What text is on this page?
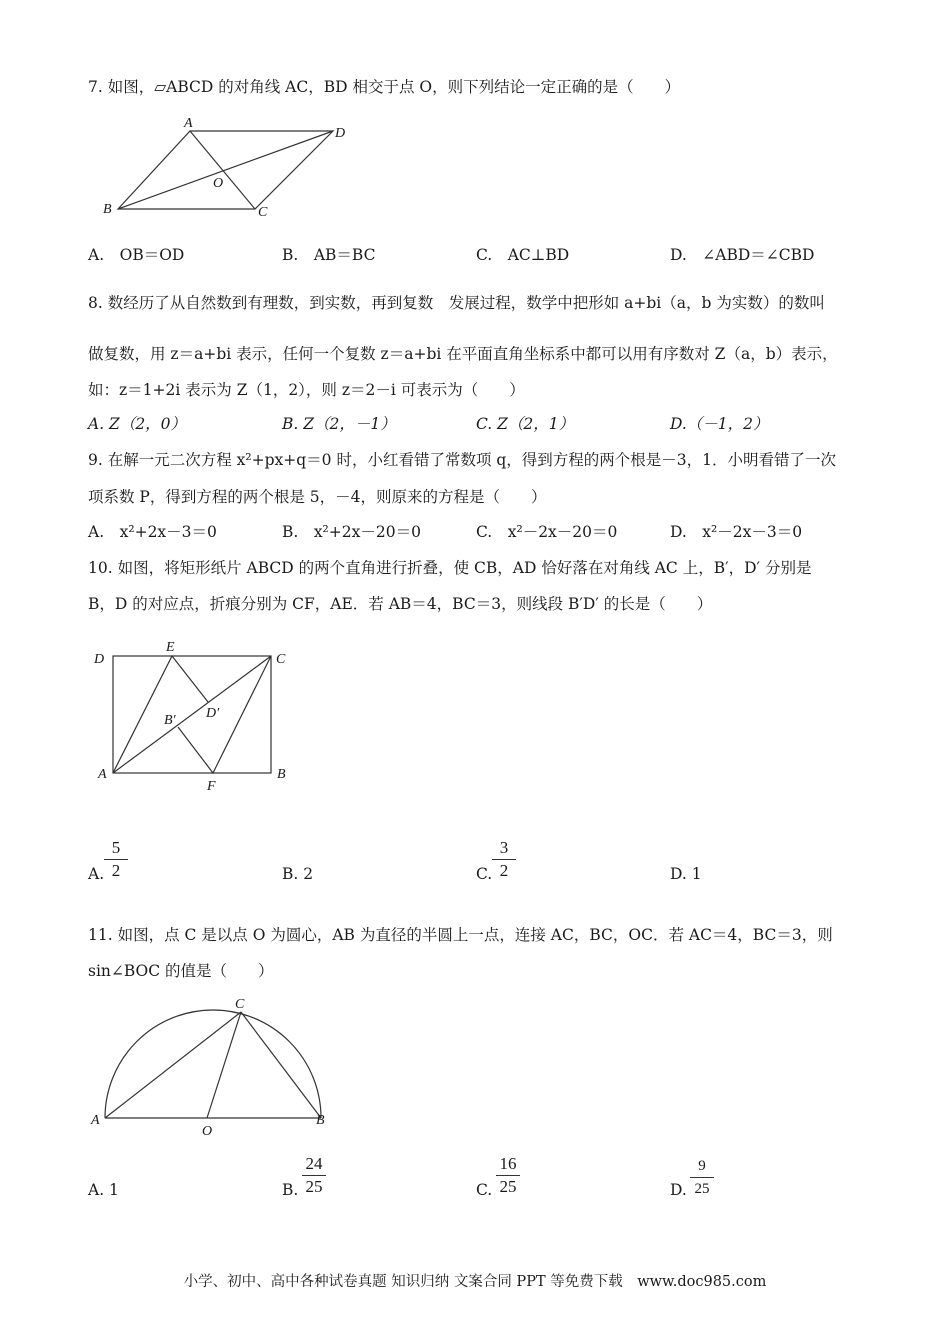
7. 如图，▱ABCD 的对角线 AC，BD 相交于点 O，则下列结论一定正确的是（　　）
A
B	C
D
O
A.　OB＝OD	B.　AB＝BC	C.　AC⊥BD	D.　∠ABD＝∠CBD
8. 数经历了从自然数到有理数，到实数，再到复数　发展过程，数学中把形如 a+bi（a，b 为实数）的数叫
做复数，用 z＝a+bi 表示，任何一个复数 z＝a+bi 在平面直角坐标系中都可以用有序数对 Z（a，b）表示，
如：z＝1+2i 表示为 Z（1，2），则 z＝2－i 可表示为（　　）
A. Z（2，0）	B. Z（2，－1）	C. Z（2，1）	D.（－1，2）
9. 在解一元二次方程 x²+px+q＝0 时，小红看错了常数项 q，得到方程的两个根是－3，1．小明看错了一次
项系数 P，得到方程的两个根是 5，－4，则原来的方程是（　　）
A.　x²+2x－3＝0	B.　x²+2x－20＝0	C.　x²－2x－20＝0	D.　x²－2x－3＝0
10. 如图，将矩形纸片 ABCD 的两个直角进行折叠，使 CB，AD 恰好落在对角线 AC 上，B′，D′ 分别是
B，D 的对应点，折痕分别为 CF，AE．若 AB＝4，BC＝3，则线段 B′D′ 的长是（　　）
D
E
C
B′ D′
A
F
B
A. $\frac{5}{2}$	B. 2	C. $\frac{3}{2}$	D. 1
11. 如图，点 C 是以点 O 为圆心，AB 为直径的半圆上一点，连接 AC，BC，OC．若 AC＝4，BC＝3，则
sin∠BOC 的值是（　　）
C
A
O
B
A. 1	B. $\frac{24}{25}$	C. $\frac{16}{25}$	D. $\frac{9}{25}$
小学、初中、高中各种试卷真题 知识归纳 文案合同 PPT 等免费下载　www.doc985.com
